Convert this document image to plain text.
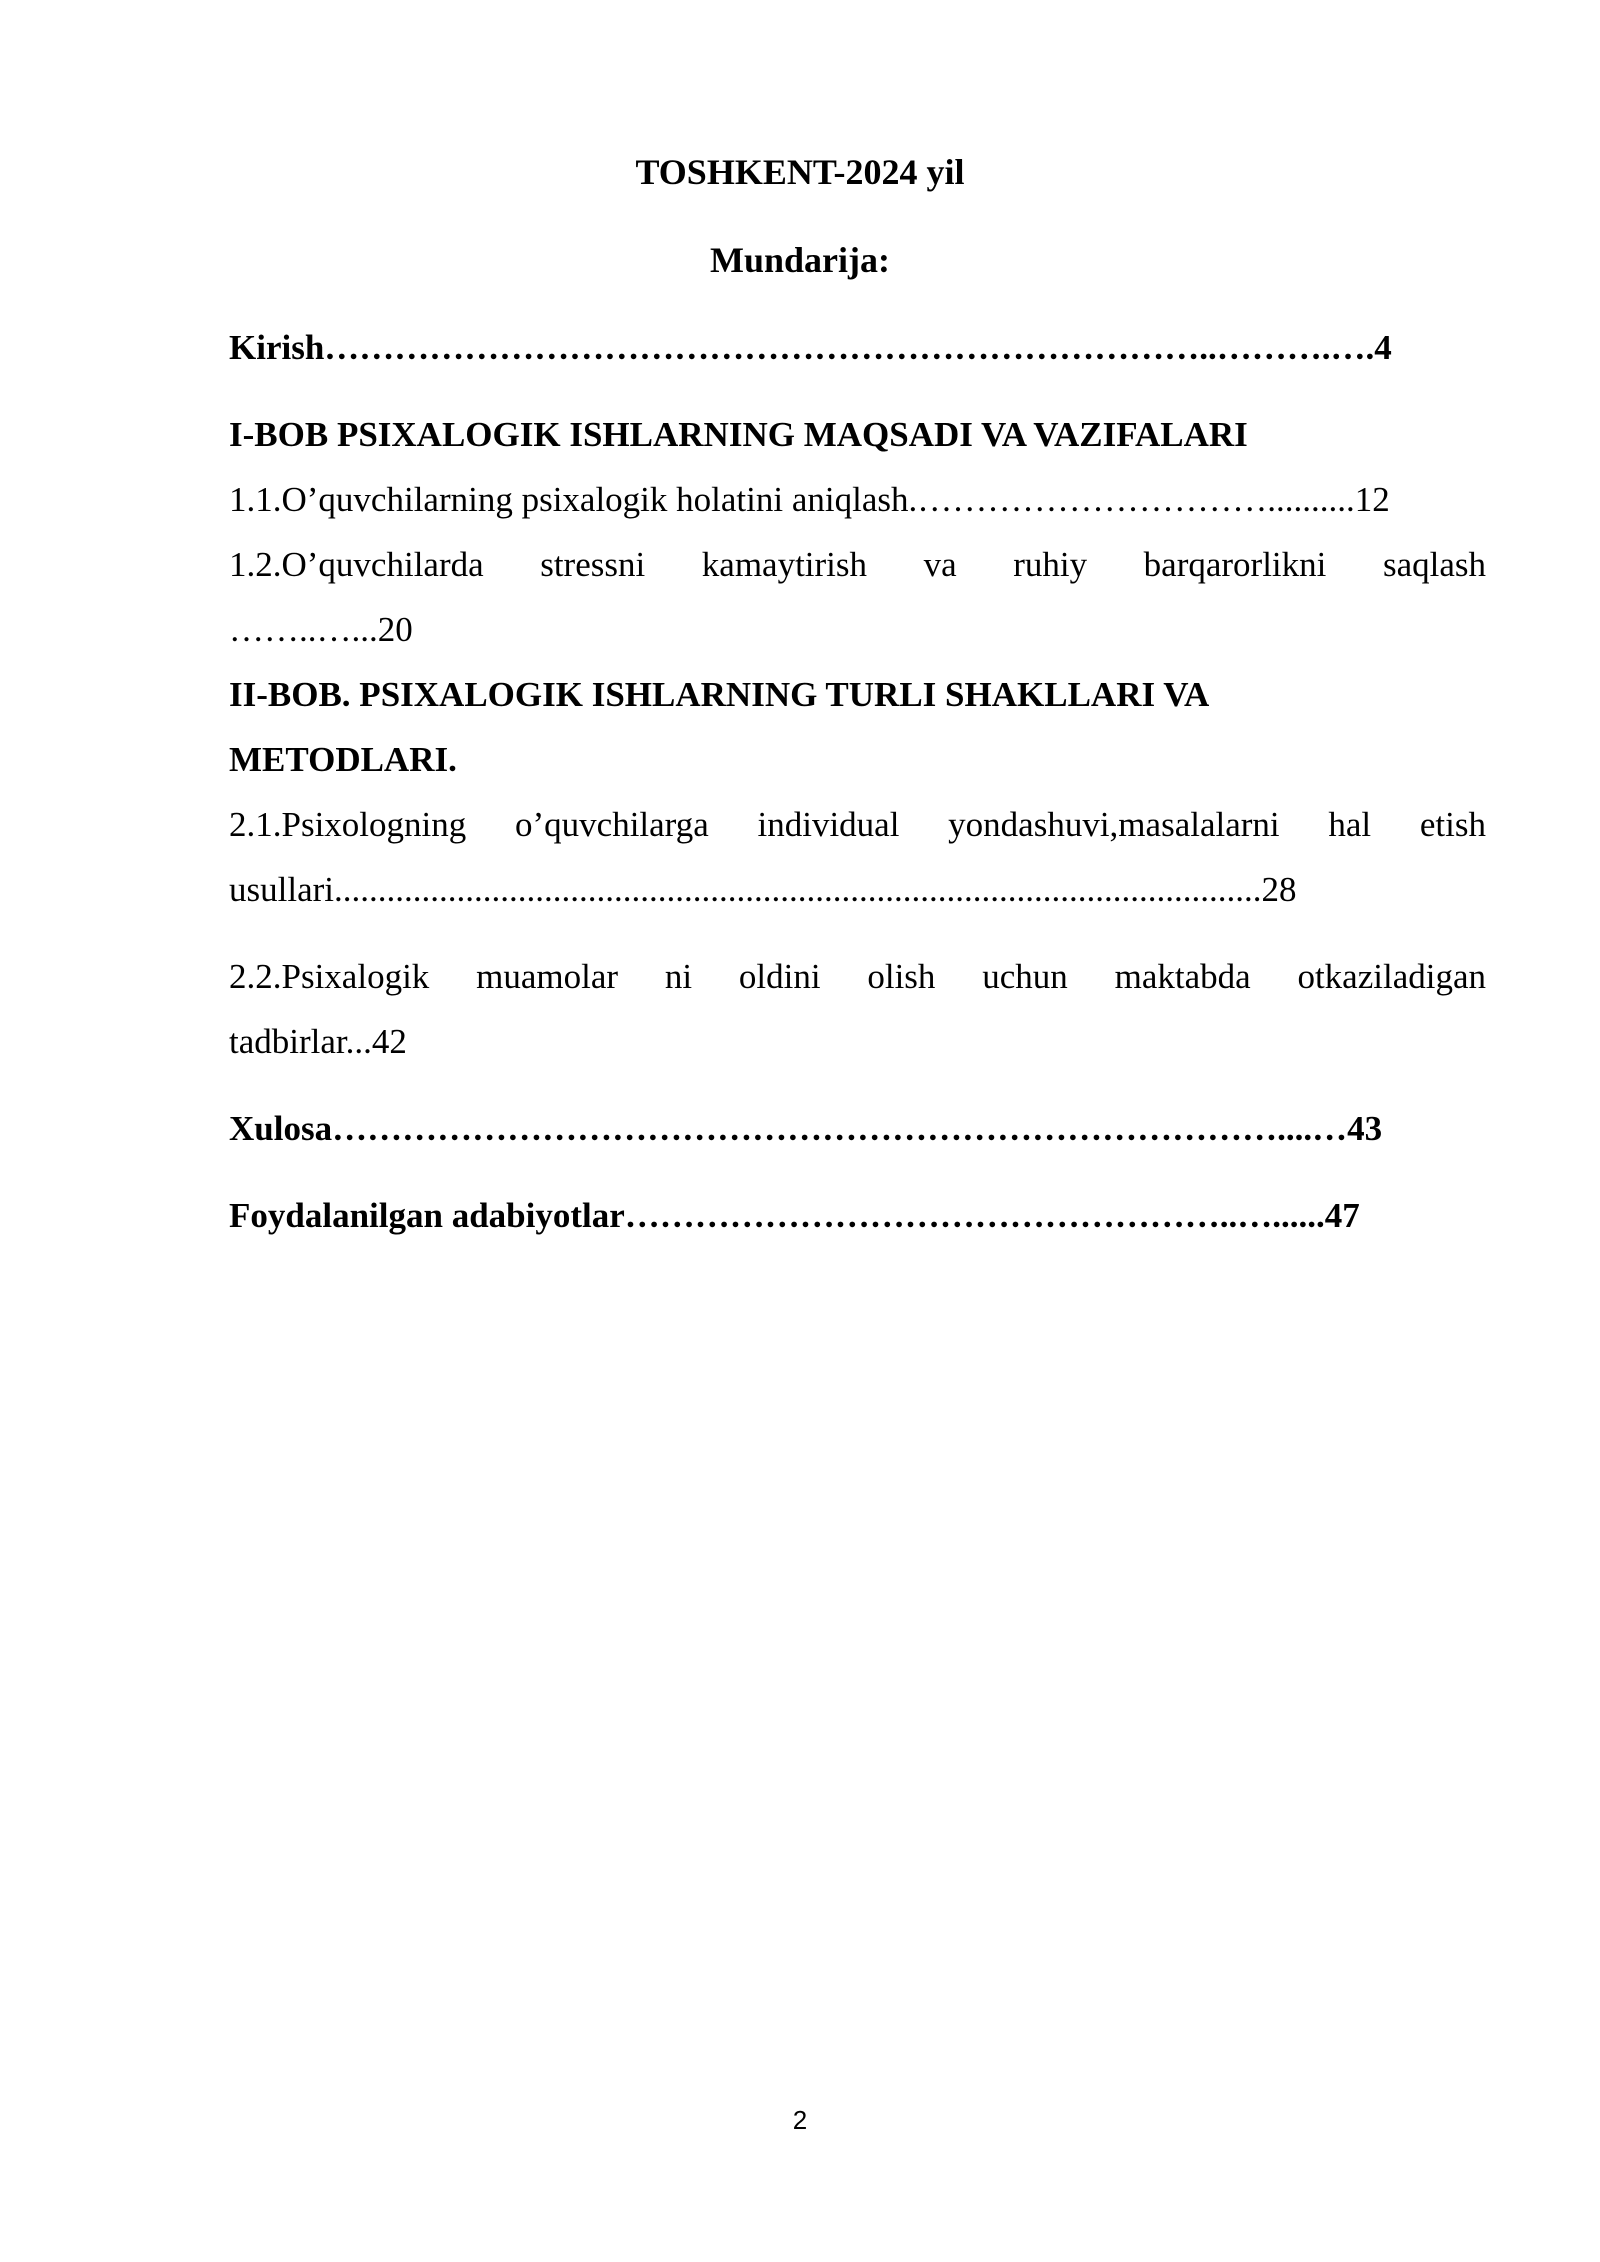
TOSHKENT-2024 yil
Mundarija:
Kirish…………………………………………………………………..……….….4
I-BOB PSIXALOGIK ISHLARNING MAQSADI VA VAZIFALARI
1.1.O’quvchilarning psixalogik holatini aniqlash.…………………………..........12
1.2.O’quvchilarda stressni kamaytirish va ruhiy barqarorlikni saqlash
……..…...20
II-BOB. PSIXALOGIK ISHLARNING TURLI SHAKLLARI VA
METODLARI.
2.1.Psixologning o’quvchilarga individual yondashuvi,masalalarni hal etish
usullari..........................................................................................................28
2.2.Psixalogik muamolar ni oldini olish uchun maktabda otkaziladigan
tadbirlar...42
Xulosa………………………………………………………………………....…43
Foydalanilgan adabiyotlar……………………………………………..…......47
2
